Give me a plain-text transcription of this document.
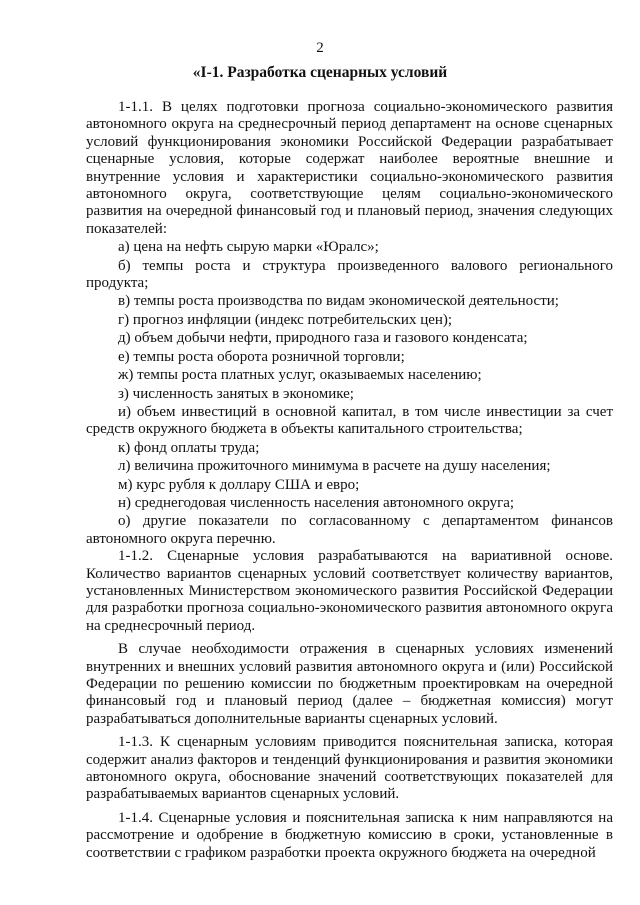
2
«I-1. Разработка сценарных условий

1-1.1. В целях подготовки прогноза социально-экономического развития автономного округа на среднесрочный период департамент на основе сценарных условий функционирования экономики Российской Федерации разрабатывает сценарные условия, которые содержат наиболее вероятные внешние и внутренние условия и характеристики социально-экономического развития автономного округа, соответствующие целям социально-экономического развития на очередной финансовый год и плановый период, значения следующих показателей:

а) цена на нефть сырую марки «Юралс»;

б) темпы роста и структура произведенного валового регионального продукта;

в) темпы роста производства по видам экономической деятельности;

г) прогноз инфляции (индекс потребительских цен);

д) объем добычи нефти, природного газа и газового конденсата;

е) темпы роста оборота розничной торговли;

ж) темпы роста платных услуг, оказываемых населению;

з) численность занятых в экономике;

и) объем инвестиций в основной капитал, в том числе инвестиции за счет средств окружного бюджета в объекты капитального строительства;

к) фонд оплаты труда;

л) величина прожиточного минимума в расчете на душу населения;

м) курс рубля к доллару США и евро;

н) среднегодовая численность населения автономного округа;

о) другие показатели по согласованному с департаментом финансов автономного округа перечню.

1-1.2. Сценарные условия разрабатываются на вариативной основе. Количество вариантов сценарных условий соответствует количеству вариантов, установленных Министерством экономического развития Российской Федерации для разработки прогноза социально-экономического развития автономного округа на среднесрочный период.

В случае необходимости отражения в сценарных условиях изменений внутренних и внешних условий развития автономного округа и (или) Российской Федерации по решению комиссии по бюджетным проектировкам на очередной финансовый год и плановый период (далее – бюджетная комиссия) могут разрабатываться дополнительные варианты сценарных условий.

1-1.3. К сценарным условиям приводится пояснительная записка, которая содержит анализ факторов и тенденций функционирования и развития экономики автономного округа, обоснование значений соответствующих показателей для разрабатываемых вариантов сценарных условий.

1-1.4. Сценарные условия и пояснительная записка к ним направляются на рассмотрение и одобрение в бюджетную комиссию в сроки, установленные в соответствии с графиком разработки проекта окружного бюджета на очередной
